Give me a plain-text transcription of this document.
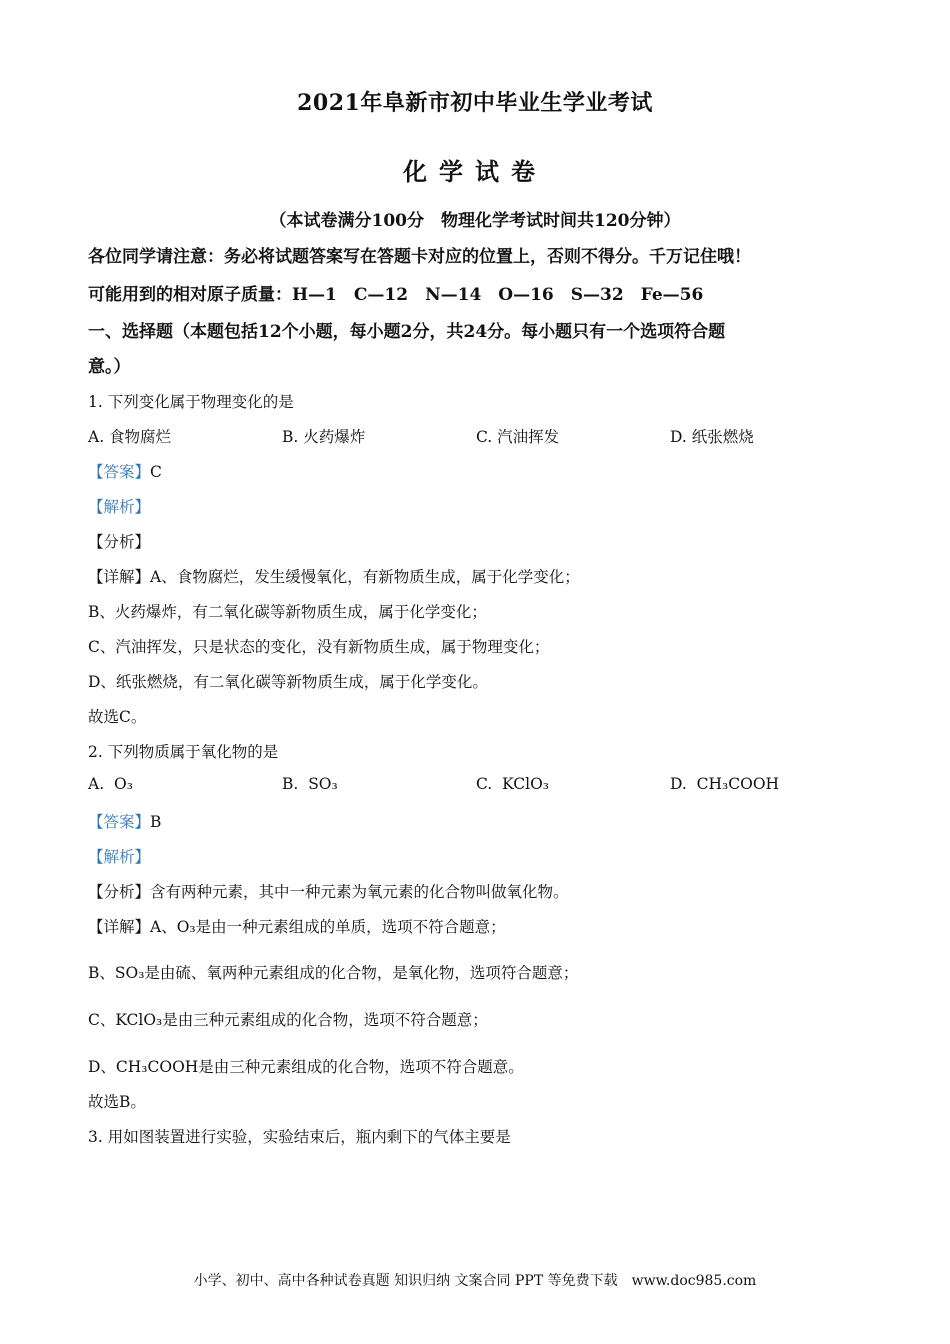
2021年阜新市初中毕业生学业考试
化学试卷
（本试卷满分100分　物理化学考试时间共120分钟）
各位同学请注意：务必将试题答案写在答题卡对应的位置上，否则不得分。千万记住哦！
可能用到的相对原子质量：H—1　C—12　N—14　O—16　S—32　Fe—56
一、选择题（本题包括12个小题，每小题2分，共24分。每小题只有一个选项符合题
意。）
1. 下列变化属于物理变化的是
A. 食物腐烂	B. 火药爆炸	C. 汽油挥发	D. 纸张燃烧
【答案】C
【解析】
【分析】
【详解】A、食物腐烂，发生缓慢氧化，有新物质生成，属于化学变化；
B、火药爆炸，有二氧化碳等新物质生成，属于化学变化；
C、汽油挥发，只是状态的变化，没有新物质生成，属于物理变化；
D、纸张燃烧，有二氧化碳等新物质生成，属于化学变化。
故选C。
2. 下列物质属于氧化物的是
A. O₃	B. SO₃	C. KClO₃	D. CH₃COOH
【答案】B
【解析】
【分析】含有两种元素，其中一种元素为氧元素的化合物叫做氧化物。
【详解】A、O₃是由一种元素组成的单质，选项不符合题意；
B、SO₃是由硫、氧两种元素组成的化合物，是氧化物，选项符合题意；
C、KClO₃是由三种元素组成的化合物，选项不符合题意；
D、CH₃COOH是由三种元素组成的化合物，选项不符合题意。
故选B。
3. 用如图装置进行实验，实验结束后，瓶内剩下的气体主要是
小学、初中、高中各种试卷真题 知识归纳 文案合同 PPT 等免费下载　www.doc985.com
